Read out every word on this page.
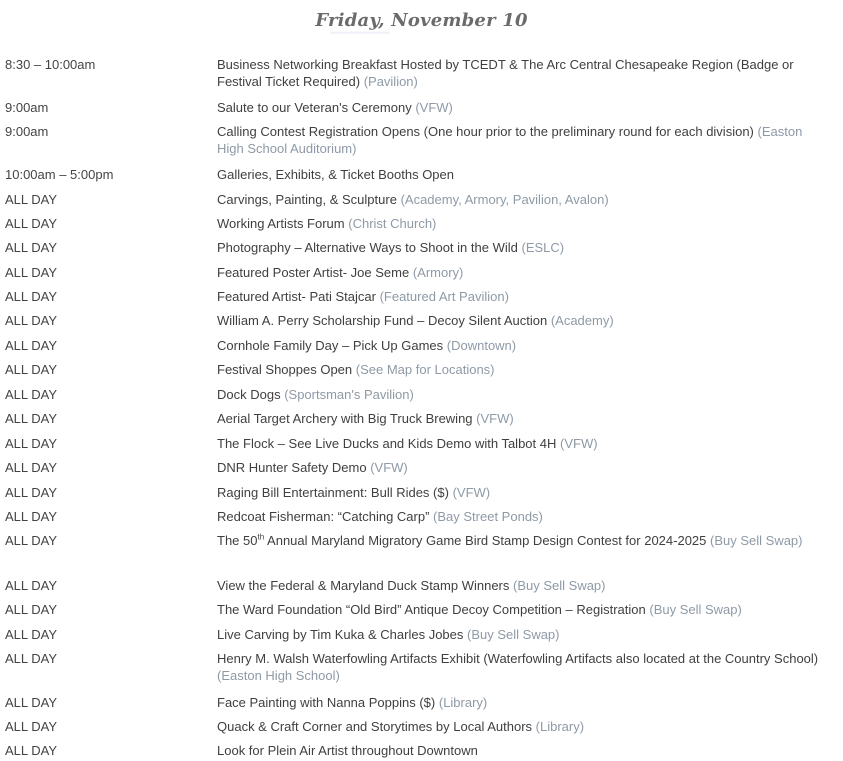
▔▔▔▔▔▔
Friday, November 10
8:30 – 10:00am	Business Networking Breakfast Hosted by TCEDT & The Arc Central Chesapeake Region (Badge or Festival Ticket Required) (Pavilion)
9:00am	Salute to our Veteran's Ceremony (VFW)
9:00am	Calling Contest Registration Opens (One hour prior to the preliminary round for each division) (Easton High School Auditorium)
10:00am – 5:00pm	Galleries, Exhibits, & Ticket Booths Open
ALL DAY	Carvings, Painting, & Sculpture (Academy, Armory, Pavilion, Avalon)
ALL DAY	Working Artists Forum (Christ Church)
ALL DAY	Photography – Alternative Ways to Shoot in the Wild (ESLC)
ALL DAY	Featured Poster Artist- Joe Seme (Armory)
ALL DAY	Featured Artist- Pati Stajcar (Featured Art Pavilion)
ALL DAY	William A. Perry Scholarship Fund – Decoy Silent Auction (Academy)
ALL DAY	Cornhole Family Day – Pick Up Games (Downtown)
ALL DAY	Festival Shoppes Open (See Map for Locations)
ALL DAY	Dock Dogs (Sportsman's Pavilion)
ALL DAY	Aerial Target Archery with Big Truck Brewing (VFW)
ALL DAY	The Flock – See Live Ducks and Kids Demo with Talbot 4H (VFW)
ALL DAY	DNR Hunter Safety Demo (VFW)
ALL DAY	Raging Bill Entertainment: Bull Rides ($) (VFW)
ALL DAY	Redcoat Fisherman: “Catching Carp” (Bay Street Ponds)
ALL DAY	The 50th Annual Maryland Migratory Game Bird Stamp Design Contest for 2024-2025 (Buy Sell Swap)
ALL DAY	View the Federal & Maryland Duck Stamp Winners (Buy Sell Swap)
ALL DAY	The Ward Foundation “Old Bird” Antique Decoy Competition – Registration (Buy Sell Swap)
ALL DAY	Live Carving by Tim Kuka & Charles Jobes (Buy Sell Swap)
ALL DAY	Henry M. Walsh Waterfowling Artifacts Exhibit (Waterfowling Artifacts also located at the Country School) (Easton High School)
ALL DAY	Face Painting with Nanna Poppins ($) (Library)
ALL DAY	Quack & Craft Corner and Storytimes by Local Authors (Library)
ALL DAY	Look for Plein Air Artist throughout Downtown
